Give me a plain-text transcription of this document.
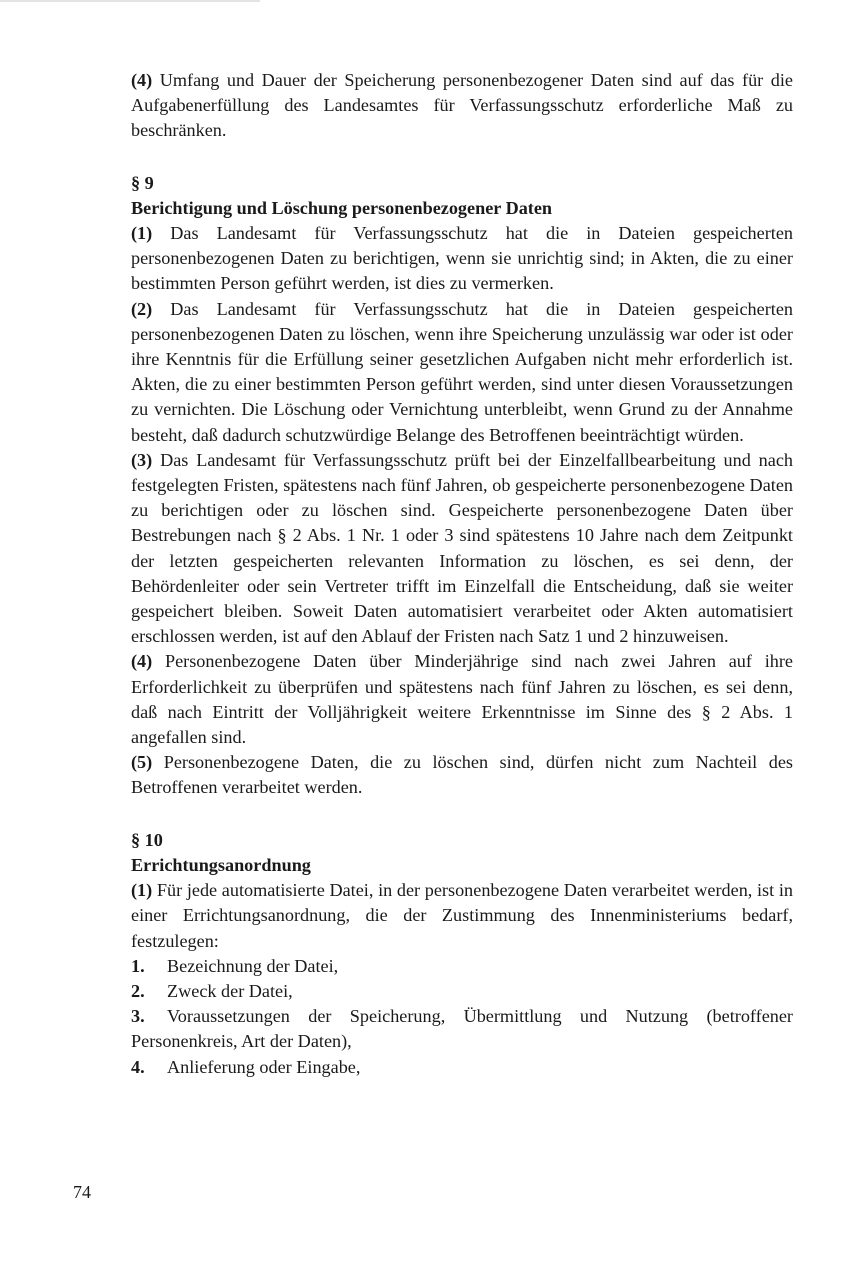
(4) Umfang und Dauer der Speicherung personenbezogener Daten sind auf das für die Aufgabenerfüllung des Landesamtes für Verfassungsschutz erforderliche Maß zu beschränken.

§ 9

Berichtigung und Löschung personenbezogener Daten

(1) Das Landesamt für Verfassungsschutz hat die in Dateien gespeicherten personenbezogenen Daten zu berichtigen, wenn sie unrichtig sind; in Akten, die zu einer bestimmten Person geführt werden, ist dies zu vermerken.

(2) Das Landesamt für Verfassungsschutz hat die in Dateien gespeicherten personenbezogenen Daten zu löschen, wenn ihre Speicherung unzulässig war oder ist oder ihre Kenntnis für die Erfüllung seiner gesetzlichen Aufgaben nicht mehr erforderlich ist. Akten, die zu einer bestimmten Person geführt werden, sind unter diesen Voraussetzungen zu vernichten. Die Löschung oder Vernichtung unterbleibt, wenn Grund zu der Annahme besteht, daß dadurch schutzwürdige Belange des Betroffenen beeinträchtigt würden.

(3) Das Landesamt für Verfassungsschutz prüft bei der Einzelfallbearbeitung und nach festgelegten Fristen, spätestens nach fünf Jahren, ob gespeicherte personenbezogene Daten zu berichtigen oder zu löschen sind. Gespeicherte personenbezogene Daten über Bestrebungen nach § 2 Abs. 1 Nr. 1 oder 3 sind spätestens 10 Jahre nach dem Zeitpunkt der letzten gespeicherten relevanten Information zu löschen, es sei denn, der Behördenleiter oder sein Vertreter trifft im Einzelfall die Entscheidung, daß sie weiter gespeichert bleiben. Soweit Daten automatisiert verarbeitet oder Akten automatisiert erschlossen werden, ist auf den Ablauf der Fristen nach Satz 1 und 2 hinzuweisen.

(4) Personenbezogene Daten über Minderjährige sind nach zwei Jahren auf ihre Erforderlichkeit zu überprüfen und spätestens nach fünf Jahren zu löschen, es sei denn, daß nach Eintritt der Volljährigkeit weitere Erkenntnisse im Sinne des § 2 Abs. 1 angefallen sind.

(5) Personenbezogene Daten, die zu löschen sind, dürfen nicht zum Nachteil des Betroffenen verarbeitet werden.

§ 10

Errichtungsanordnung

(1) Für jede automatisierte Datei, in der personenbezogene Daten verarbeitet werden, ist in einer Errichtungsanordnung, die der Zustimmung des Innenministeriums bedarf, festzulegen:

1. Bezeichnung der Datei,

2. Zweck der Datei,

3. Voraussetzungen der Speicherung, Übermittlung und Nutzung (betroffener Personenkreis, Art der Daten),

4. Anlieferung oder Eingabe,

74
